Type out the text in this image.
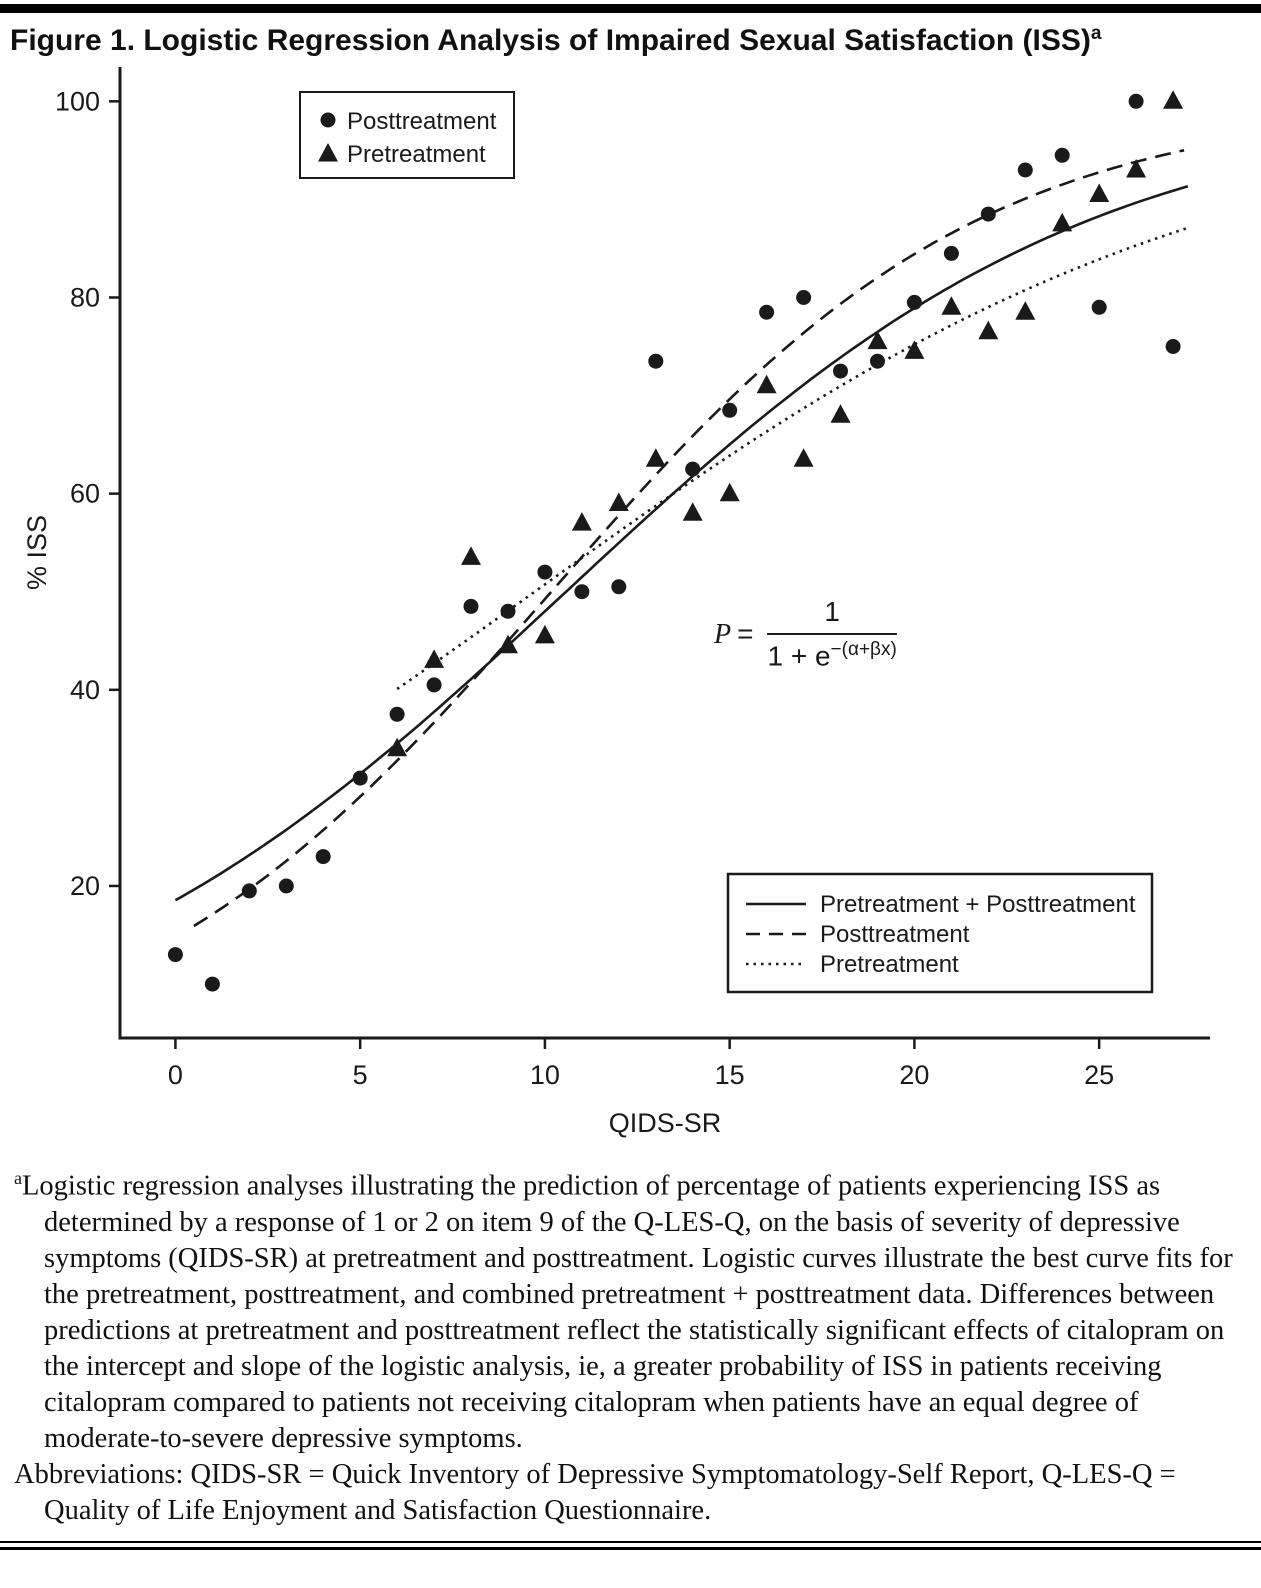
Figure 1. Logistic Regression Analysis of Impaired Sexual Satisfaction (ISS)$^a$
0	5	10	15	20	25
20
40
60
80
100
QIDS-SR
% ISS
Posttreatment
Pretreatment
Pretreatment + Posttreatment
Posttreatment
Pretreatment
$P = \frac{1}{1 + e^{-(\alpha+\beta x)}}$

$^a$Logistic regression analyses illustrating the prediction of percentage of patients experiencing ISS as determined by a response of 1 or 2 on item 9 of the Q-LES-Q, on the basis of severity of depressive symptoms (QIDS-SR) at pretreatment and posttreatment. Logistic curves illustrate the best curve fits for the pretreatment, posttreatment, and combined pretreatment + posttreatment data. Differences between predictions at pretreatment and posttreatment reflect the statistically significant effects of citalopram on the intercept and slope of the logistic analysis, ie, a greater probability of ISS in patients receiving citalopram compared to patients not receiving citalopram when patients have an equal degree of moderate-to-severe depressive symptoms.

Abbreviations: QIDS-SR = Quick Inventory of Depressive Symptomatology-Self Report, Q-LES-Q = Quality of Life Enjoyment and Satisfaction Questionnaire.
